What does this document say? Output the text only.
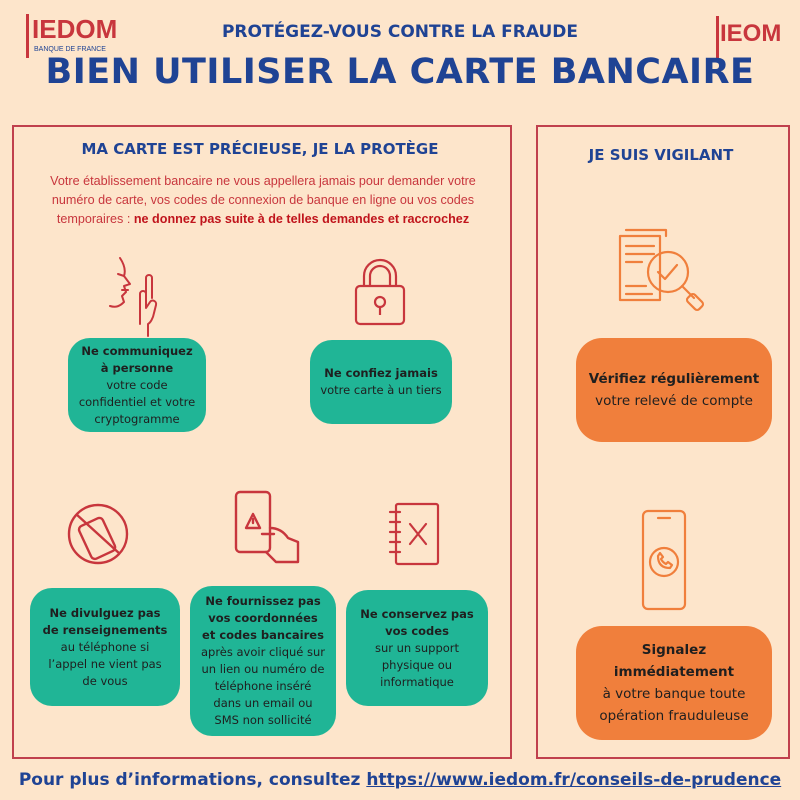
IEDOM
BANQUE DE FRANCE
IEOM
PROTÉGEZ-VOUS CONTRE LA FRAUDE
BIEN UTILISER LA CARTE BANCAIRE
MA CARTE EST PRÉCIEUSE, JE LA PROTÈGE
Votre établissement bancaire ne vous appellera jamais pour demander votre numéro de carte, vos codes de connexion de banque en ligne ou vos codes temporaires : ne donnez pas suite à de telles demandes et raccrochez
Ne communiquez à personne
votre code confidentiel et votre cryptogramme
Ne confiez jamais
votre carte à un tiers
Ne divulguez pas de renseignements
au téléphone si l’appel ne vient pas de vous
Ne fournissez pas vos coordonnées et codes bancaires
après avoir cliqué sur un lien ou numéro de téléphone inséré dans un email ou SMS non sollicité
Ne conservez pas vos codes
sur un support physique ou informatique
JE SUIS VIGILANT
Vérifiez régulièrement
votre relevé de compte
Signalez immédiatement
à votre banque toute opération frauduleuse
Pour plus d’informations, consultez https://www.iedom.fr/conseils-de-prudence
